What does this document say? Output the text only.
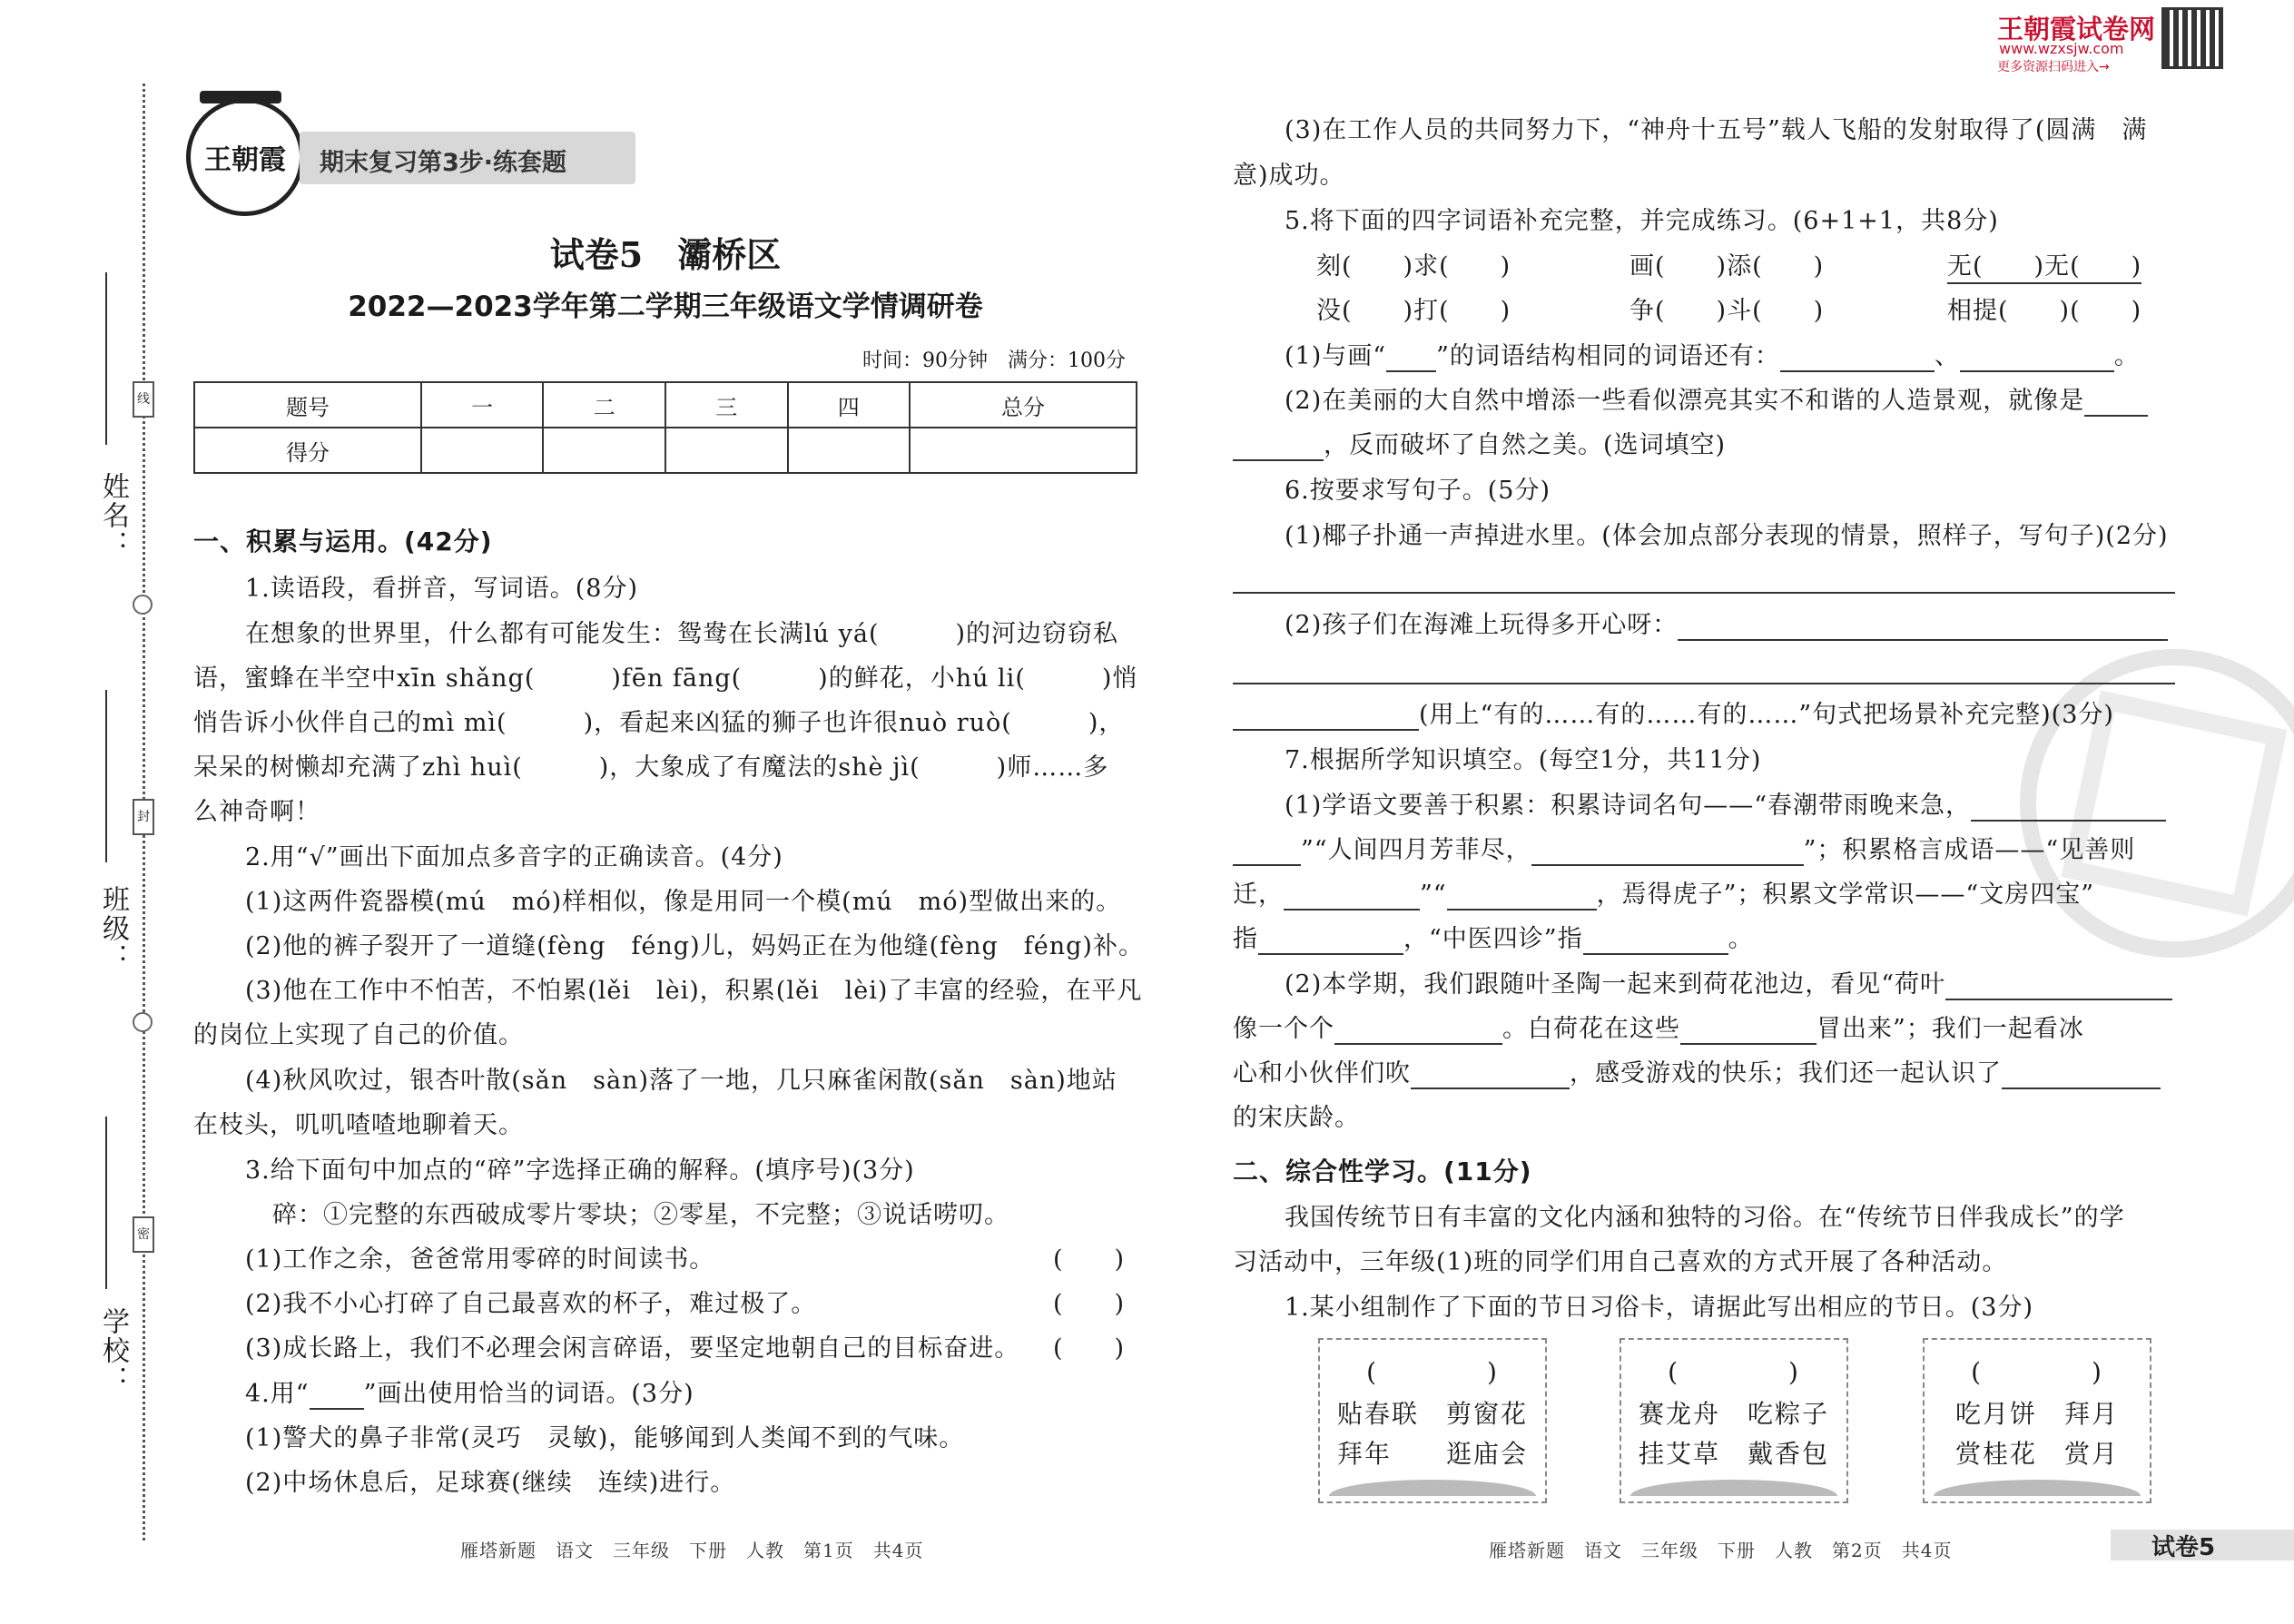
姓名：
班级：
学校：
线
封
密
王朝霞 期末复习第3步·练套题
王朝霞试卷网
www.wzxsjw.com
更多资源扫码进入→
试卷5　灞桥区
2022—2023学年第二学期三年级语文学情调研卷
时间：90分钟　满分：100分
题号	一	二	三	四	总分
得分					
一、积累与运用。(42分)
1.读语段，看拼音，写词语。(8分)
在想象的世界里，什么都有可能发生：鸳鸯在长满lú yá(　　　)的河边窃窃私
语，蜜蜂在半空中xīn shǎng(　　　)fēn fāng(　　　)的鲜花，小hú li(　　　)悄
悄告诉小伙伴自己的mì mì(　　　)，看起来凶猛的狮子也许很nuò ruò(　　　)，
呆呆的树懒却充满了zhì huì(　　　)，大象成了有魔法的shè jì(　　　)师……多
么神奇啊！
2.用“√”画出下面加点多音字的正确读音。(4分)
(1)这两件瓷器模(mú　mó)样相似，像是用同一个模(mú　mó)型做出来的。
(2)他的裤子裂开了一道缝(fèng　féng)儿，妈妈正在为他缝(fèng　féng)补。
(3)他在工作中不怕苦，不怕累(lěi　lèi)，积累(lěi　lèi)了丰富的经验，在平凡
的岗位上实现了自己的价值。
(4)秋风吹过，银杏叶散(sǎn　sàn)落了一地，几只麻雀闲散(sǎn　sàn)地站
在枝头，叽叽喳喳地聊着天。
3.给下面句中加点的“碎”字选择正确的解释。(填序号)(3分)
碎：①完整的东西破成零片零块；②零星，不完整；③说话唠叨。
(1)工作之余，爸爸常用零碎的时间读书。	(　　)
(2)我不小心打碎了自己最喜欢的杯子，难过极了。	(　　)
(3)成长路上，我们不必理会闲言碎语，要坚定地朝自己的目标奋进。 (　　)
4.用“ ”画出使用恰当的词语。(3分)
(1)警犬的鼻子非常(灵巧　灵敏)，能够闻到人类闻不到的气味。
(2)中场休息后，足球赛(继续　连续)进行。
(3)在工作人员的共同努力下，“神舟十五号”载人飞船的发射取得了(圆满　满
意)成功。
5.将下面的四字词语补充完整，并完成练习。(6+1+1，共8分)
刻(　　)求(　　)	画(　　)添(　　)	无(　　)无(　　)
没(　　)打(　　)	争(　　)斗(　　)	相提(　　)(　　)
(1)与画“ ”的词语结构相同的词语还有：	、	。
(2)在美丽的大自然中增添一些看似漂亮其实不和谐的人造景观，就像是
，反而破坏了自然之美。(选词填空)
6.按要求写句子。(5分)
(1)椰子扑通一声掉进水里。(体会加点部分表现的情景，照样子，写句子)(2分)
(2)孩子们在海滩上玩得多开心呀：
(用上“有的……有的……有的……”句式把场景补充完整)(3分)
7.根据所学知识填空。(每空1分，共11分)
(1)学语文要善于积累：积累诗词名句——“春潮带雨晚来急，
”“人间四月芳菲尽，	”；积累格言成语——“见善则
迁，	”“	，焉得虎子”；积累文学常识——“文房四宝”
指	，“中医四诊”指	。
(2)本学期，我们跟随叶圣陶一起来到荷花池边，看见“荷叶
像一个个	。白荷花在这些	冒出来”；我们一起看冰
心和小伙伴们吹	，感受游戏的快乐；我们还一起认识了
的宋庆龄。
二、综合性学习。(11分)
我国传统节日有丰富的文化内涵和独特的习俗。在“传统节日伴我成长”的学
习活动中，三年级(1)班的同学们用自己喜欢的方式开展了各种活动。
1.某小组制作了下面的节日习俗卡，请据此写出相应的节日。(3分)
(　　　　)
贴春联　 剪窗花
拜年　　 逛庙会
(　　　　)
赛龙舟　 吃粽子
挂艾草　 戴香包
(　　　　)
吃月饼　 拜月
赏桂花　 赏月
雁塔新题　语文　三年级　下册　人教　第1页　共4页	雁塔新题　语文　三年级　下册　人教　第2页　共4页	试卷5
